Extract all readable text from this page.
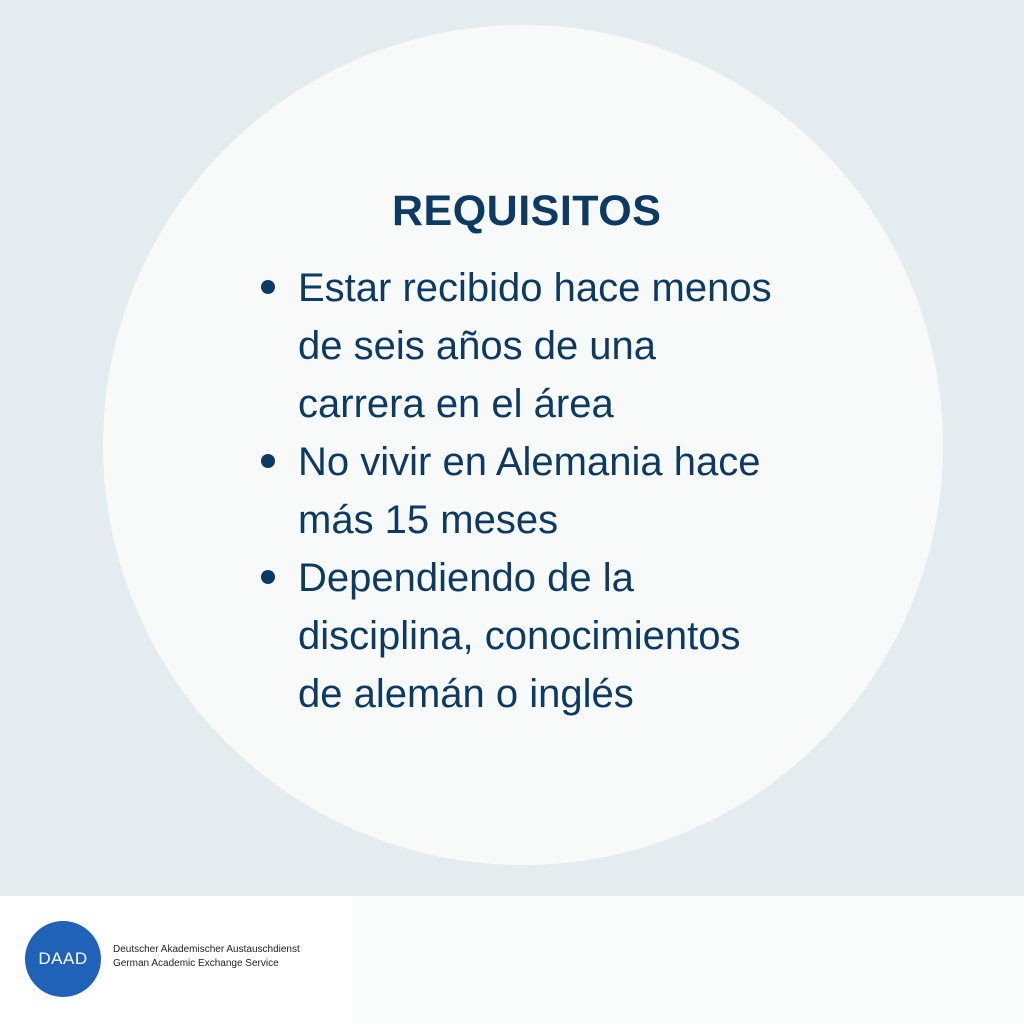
REQUISITOS
Estar recibido hace menos
de seis años de una
carrera en el área
No vivir en Alemania hace
más 15 meses
Dependiendo de la
disciplina, conocimientos
de alemán o inglés
DAAD	Deutscher Akademischer Austauschdienst
German Academic Exchange Service
